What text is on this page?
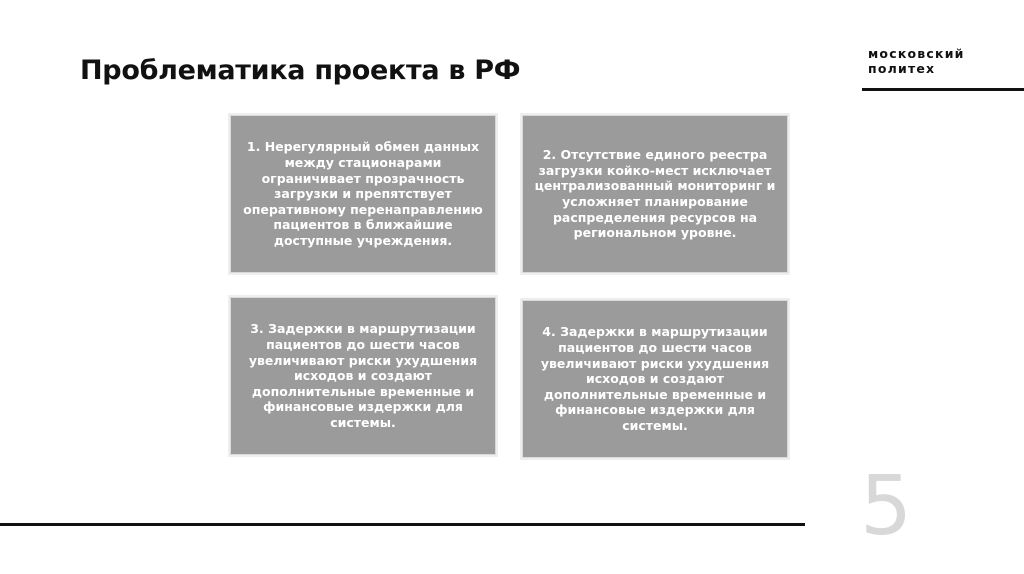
Проблематика проекта в РФ
московский
политех
1. Нерегулярный обмен данных между стационарами ограничивает прозрачность загрузки и препятствует оперативному перенаправлению пациентов в ближайшие доступные учреждения.
2. Отсутствие единого реестра загрузки койко-мест исключает централизованный мониторинг и усложняет планирование распределения ресурсов на региональном уровне.
3. Задержки в маршрутизации пациентов до шести часов увеличивают риски ухудшения исходов и создают дополнительные временные и финансовые издержки для системы.
4. Задержки в маршрутизации пациентов до шести часов увеличивают риски ухудшения исходов и создают дополнительные временные и финансовые издержки для системы.
5
